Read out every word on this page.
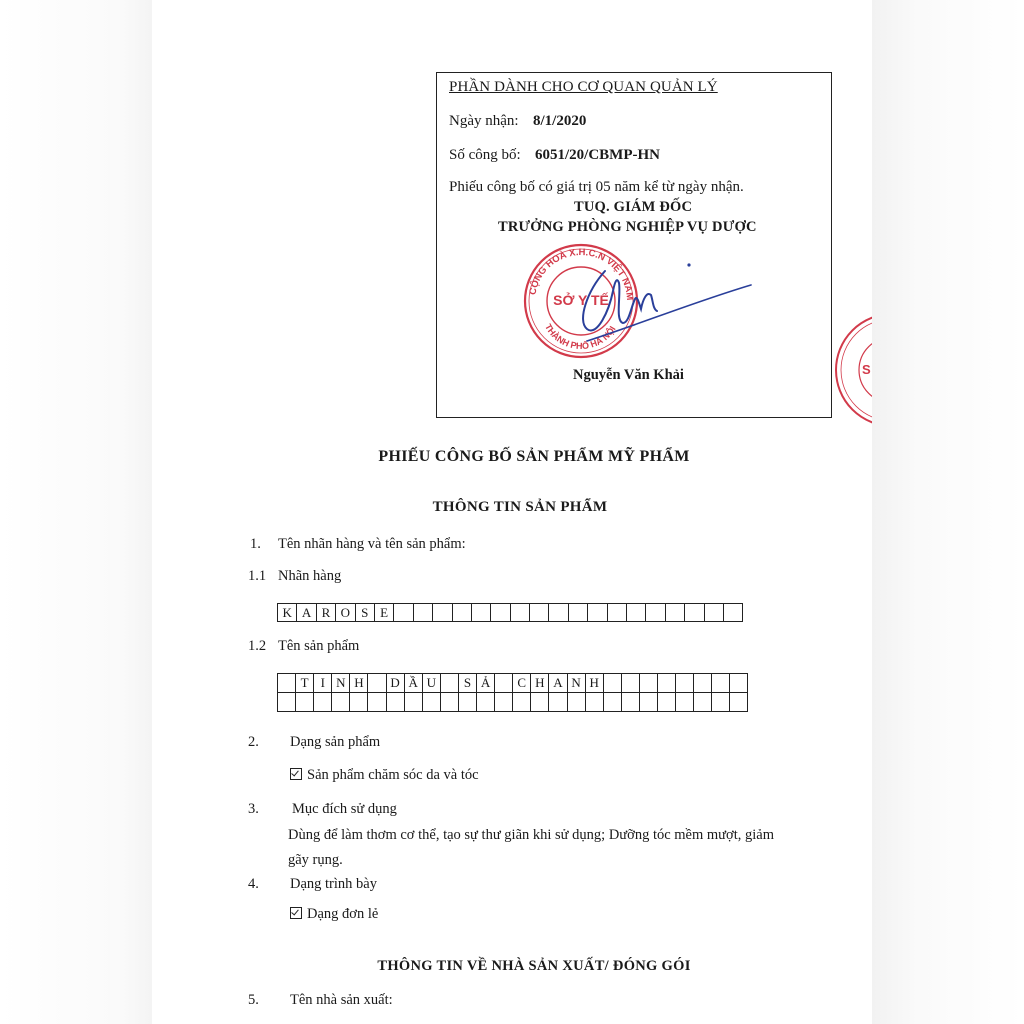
PHẦN DÀNH CHO CƠ QUAN QUẢN LÝ
Ngày nhận: 8/1/2020
Số công bố: 6051/20/CBMP-HN
Phiếu công bố có giá trị 05 năm kể từ ngày nhận.
TUQ. GIÁM ĐỐC
TRƯỞNG PHÒNG NGHIỆP VỤ DƯỢC
CỘNG HOÀ X.H.C.N VIỆT NAM
THÀNH PHỐ HÀ NỘI
SỞ Y TẾ
Nguyễn Văn Khải	S
PHIẾU CÔNG BỐ SẢN PHẨM MỸ PHẨM
THÔNG TIN SẢN PHẨM
1. Tên nhãn hàng và tên sản phẩm:
1.1 Nhãn hàng
K A R O S E
1.2 Tên sản phẩm
T I N H	D Ầ U	S Ả	C H A N H
2. Dạng sản phẩm
Sản phẩm chăm sóc da và tóc
3. Mục đích sử dụng
Dùng để làm thơm cơ thể, tạo sự thư giãn khi sử dụng; Dưỡng tóc mềm mượt, giảm
gãy rụng.
4. Dạng trình bày
Dạng đơn lẻ
THÔNG TIN VỀ NHÀ SẢN XUẤT/ ĐÓNG GÓI
5. Tên nhà sản xuất:
